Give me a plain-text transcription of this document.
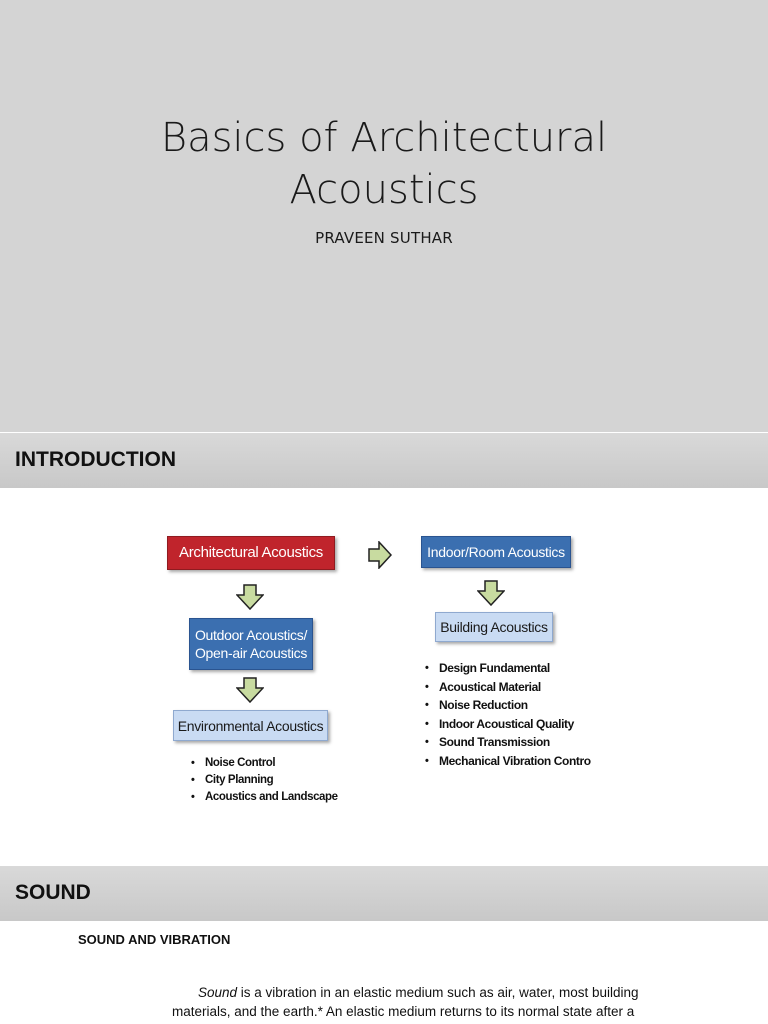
Basics of Architectural
Acoustics
PRAVEEN SUTHAR
INTRODUCTION
Architectural Acoustics	Indoor/Room Acoustics
Outdoor Acoustics/
Open-air Acoustics
Building Acoustics
• Design Fundamental
• Acoustical Material
• Noise Reduction
• Indoor Acoustical Quality
• Sound Transmission
• Mechanical Vibration Contro
Environmental Acoustics
• Noise Control
• City Planning
• Acoustics and Landscape
SOUND
SOUND AND VIBRATION
Sound is a vibration in an elastic medium such as air, water, most building materials, and the earth.* An elastic medium returns to its normal state after a
